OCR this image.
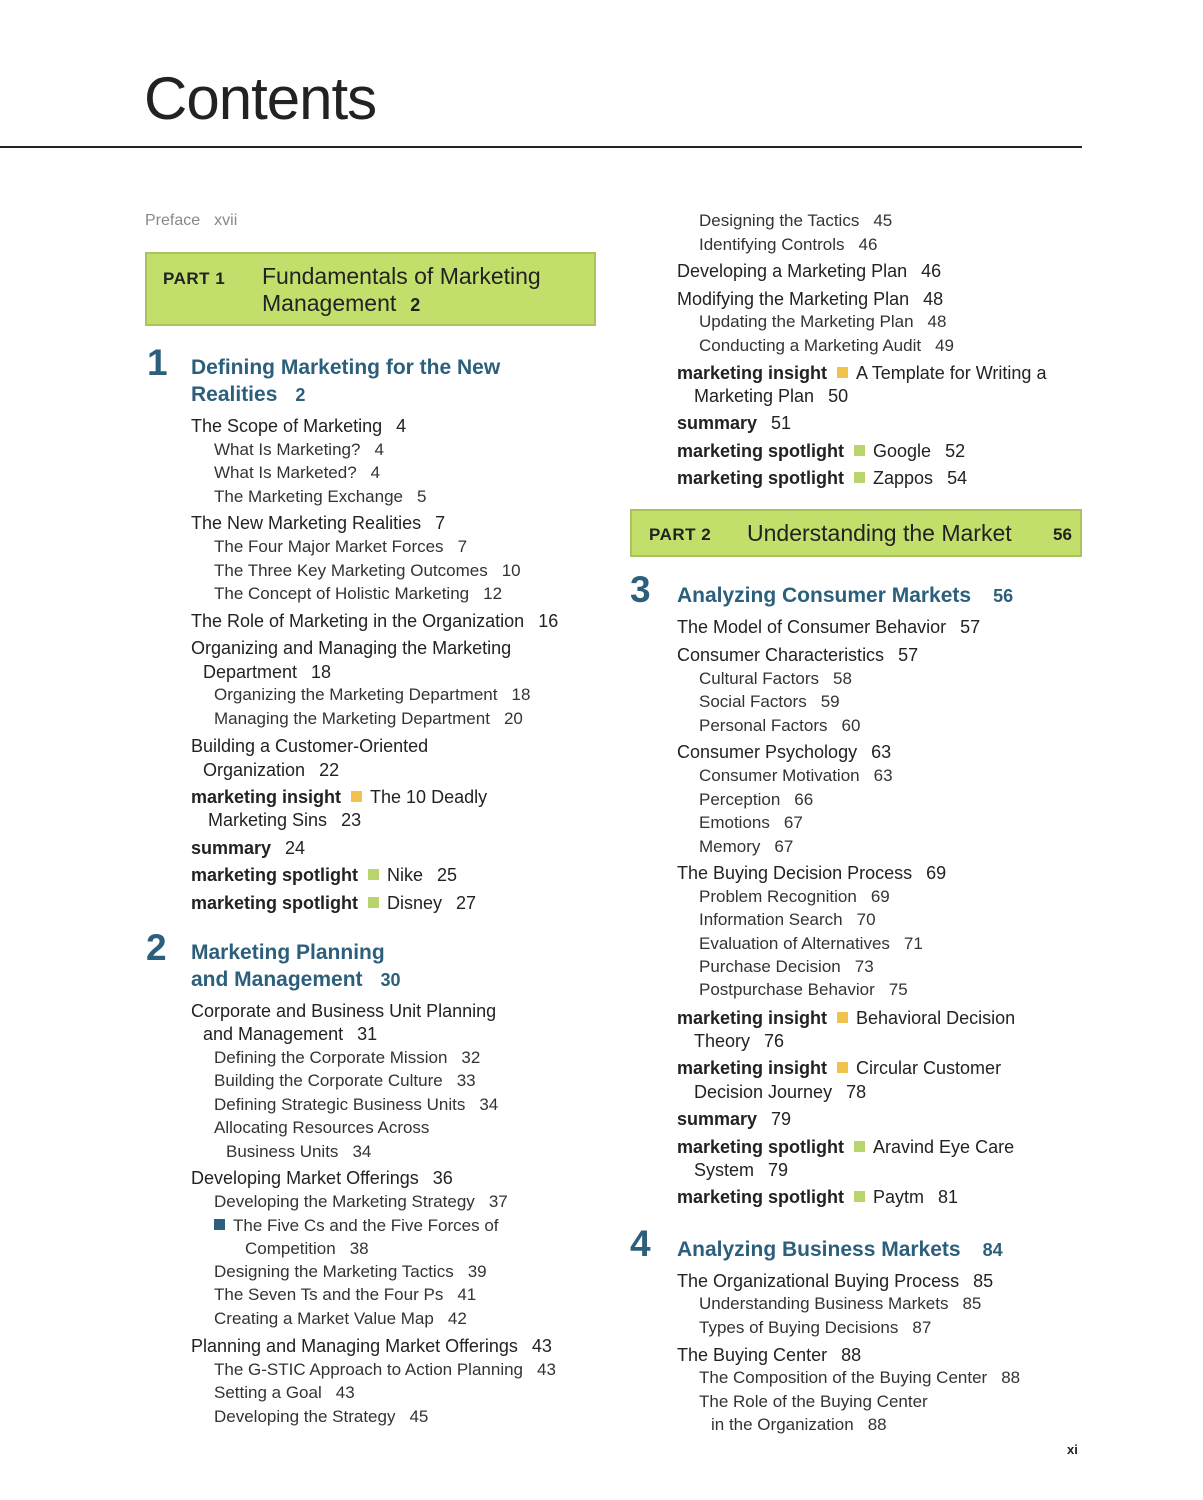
Contents
Preface xvii
PART 1 Fundamentals of Marketing
Management 2
1 Defining Marketing for the New
Realities 2
The Scope of Marketing 4
What Is Marketing? 4
What Is Marketed? 4
The Marketing Exchange 5
The New Marketing Realities 7
The Four Major Market Forces 7
The Three Key Marketing Outcomes 10
The Concept of Holistic Marketing 12
The Role of Marketing in the Organization 16
Organizing and Managing the Marketing
Department 18
Organizing the Marketing Department 18
Managing the Marketing Department 20
Building a Customer-Oriented
Organization 22
marketing insight The 10 Deadly
Marketing Sins 23
summary 24
marketing spotlight Nike 25
marketing spotlight Disney 27
2 Marketing Planning
and Management 30
Corporate and Business Unit Planning
and Management 31
Defining the Corporate Mission 32
Building the Corporate Culture 33
Defining Strategic Business Units 34
Allocating Resources Across
Business Units 34
Developing Market Offerings 36
Developing the Marketing Strategy 37
The Five Cs and the Five Forces of
Competition 38
Designing the Marketing Tactics 39
The Seven Ts and the Four Ps 41
Creating a Market Value Map 42
Planning and Managing Market Offerings 43
The G-STIC Approach to Action Planning 43
Setting a Goal 43
Developing the Strategy 45
Designing the Tactics 45
Identifying Controls 46
Developing a Marketing Plan 46
Modifying the Marketing Plan 48
Updating the Marketing Plan 48
Conducting a Marketing Audit 49
marketing insight A Template for Writing a
Marketing Plan 50
summary 51
marketing spotlight Google 52
marketing spotlight Zappos 54
PART 2 Understanding the Market 56
3 Analyzing Consumer Markets 56
The Model of Consumer Behavior 57
Consumer Characteristics 57
Cultural Factors 58
Social Factors 59
Personal Factors 60
Consumer Psychology 63
Consumer Motivation 63
Perception 66
Emotions 67
Memory 67
The Buying Decision Process 69
Problem Recognition 69
Information Search 70
Evaluation of Alternatives 71
Purchase Decision 73
Postpurchase Behavior 75
marketing insight Behavioral Decision
Theory 76
marketing insight Circular Customer
Decision Journey 78
summary 79
marketing spotlight Aravind Eye Care
System 79
marketing spotlight Paytm 81
4 Analyzing Business Markets 84
The Organizational Buying Process 85
Understanding Business Markets 85
Types of Buying Decisions 87
The Buying Center 88
The Composition of the Buying Center 88
The Role of the Buying Center
in the Organization 88
xi
